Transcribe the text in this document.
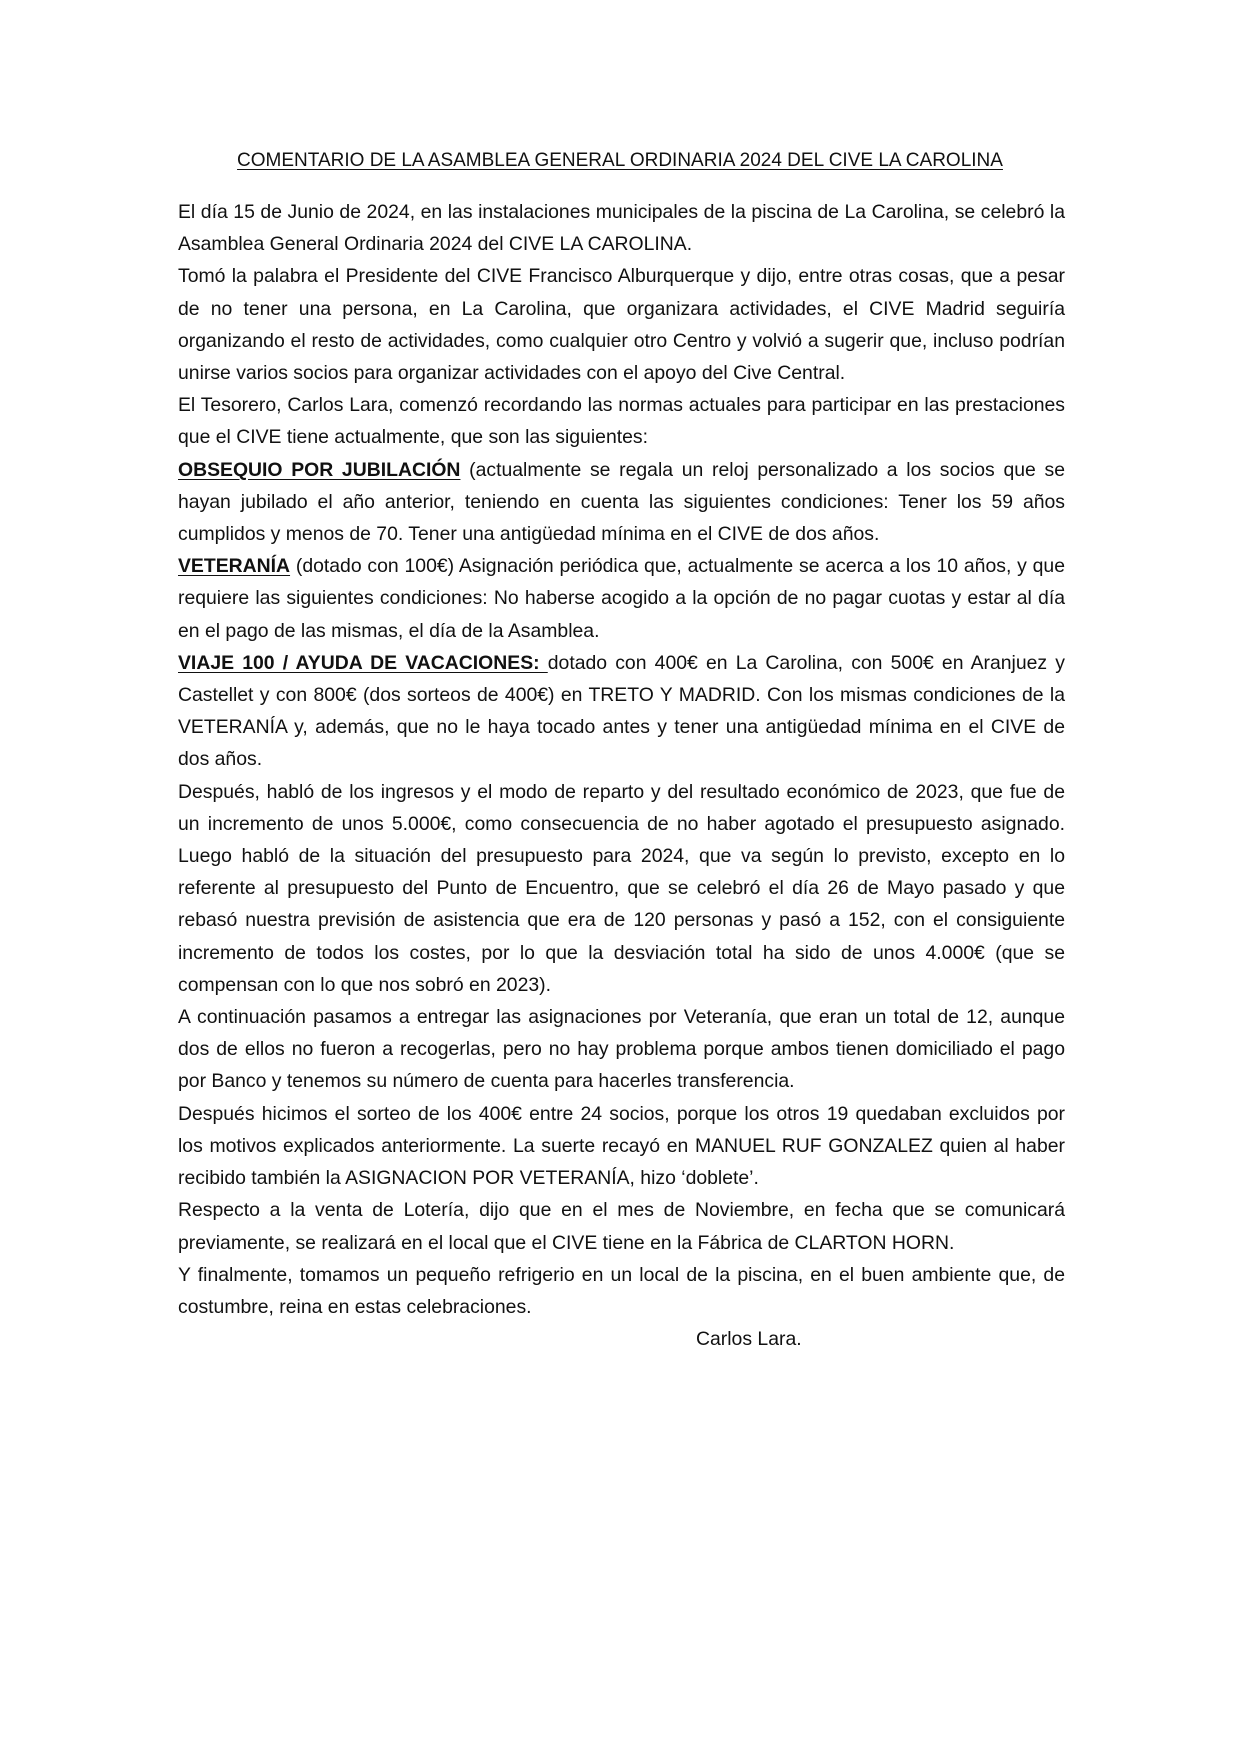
COMENTARIO DE LA ASAMBLEA GENERAL ORDINARIA 2024 DEL CIVE LA CAROLINA

El día 15 de Junio de 2024, en las instalaciones municipales de la piscina de La Carolina, se celebró la Asamblea General Ordinaria 2024 del CIVE LA CAROLINA.

Tomó la palabra el Presidente del CIVE Francisco Alburquerque y dijo, entre otras cosas, que a pesar de no tener una persona, en La Carolina, que organizara actividades, el CIVE Madrid seguiría organizando el resto de actividades, como cualquier otro Centro y volvió a sugerir que, incluso podrían unirse varios socios para organizar actividades con el apoyo del Cive Central.

El Tesorero, Carlos Lara, comenzó recordando las normas actuales para participar en las prestaciones que el CIVE tiene actualmente, que son las siguientes:

OBSEQUIO POR JUBILACIÓN (actualmente se regala un reloj personalizado a los socios que se hayan jubilado el año anterior, teniendo en cuenta las siguientes condiciones: Tener los 59 años cumplidos y menos de 70. Tener una antigüedad mínima en el CIVE de dos años.

VETERANÍA (dotado con 100€) Asignación periódica que, actualmente se acerca a los 10 años, y que requiere las siguientes condiciones: No haberse acogido a la opción de no pagar cuotas y estar al día en el pago de las mismas, el día de la Asamblea.

VIAJE 100 / AYUDA DE VACACIONES: dotado con 400€ en La Carolina, con 500€ en Aranjuez y Castellet y con 800€ (dos sorteos de 400€) en TRETO Y MADRID. Con los mismas condiciones de la VETERANÍA y, además, que no le haya tocado antes y tener una antigüedad mínima en el CIVE de dos años.

Después, habló de los ingresos y el modo de reparto y del resultado económico de 2023, que fue de un incremento de unos 5.000€, como consecuencia de no haber agotado el presupuesto asignado. Luego habló de la situación del presupuesto para 2024, que va según lo previsto, excepto en lo referente al presupuesto del Punto de Encuentro, que se celebró el día 26 de Mayo pasado y que rebasó nuestra previsión de asistencia que era de 120 personas y pasó a 152, con el consiguiente incremento de todos los costes, por lo que la desviación total ha sido de unos 4.000€ (que se compensan con lo que nos sobró en 2023).

A continuación pasamos a entregar las asignaciones por Veteranía, que eran un total de 12, aunque dos de ellos no fueron a recogerlas, pero no hay problema porque ambos tienen domiciliado el pago por Banco y tenemos su número de cuenta para hacerles transferencia.

Después hicimos el sorteo de los 400€ entre 24 socios, porque los otros 19 quedaban excluidos por los motivos explicados anteriormente. La suerte recayó en MANUEL RUF GONZALEZ quien al haber recibido también la ASIGNACION POR VETERANÍA, hizo ‘doblete’.

Respecto a la venta de Lotería, dijo que en el mes de Noviembre, en fecha que se comunicará previamente, se realizará en el local que el CIVE tiene en la Fábrica de CLARTON HORN.

Y finalmente, tomamos un pequeño refrigerio en un local de la piscina, en el buen ambiente que, de costumbre, reina en estas celebraciones.

Carlos Lara.
